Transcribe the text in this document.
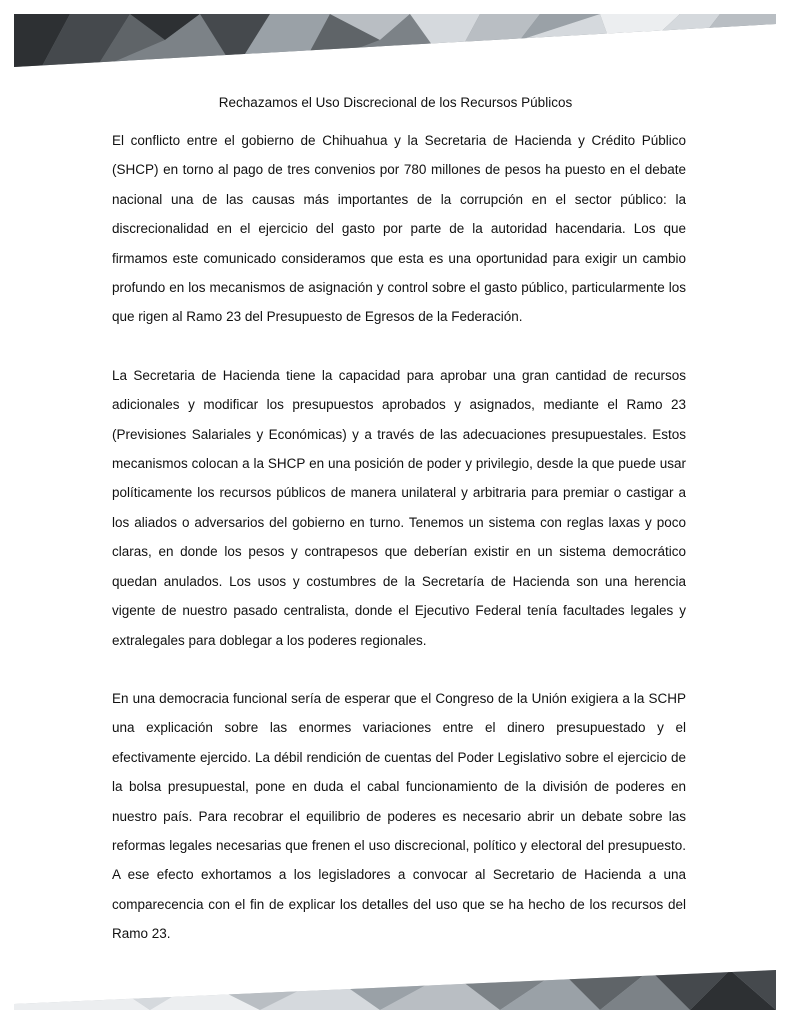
Rechazamos el Uso Discrecional de los Recursos Públicos

El conflicto entre el gobierno de Chihuahua y la Secretaria de Hacienda y Crédito Público (SHCP) en torno al pago de tres convenios por 780 millones de pesos ha puesto en el debate nacional una de las causas más importantes de la corrupción en el sector público: la discrecionalidad en el ejercicio del gasto por parte de la autoridad hacendaria. Los que firmamos este comunicado consideramos que esta es una oportunidad para exigir un cambio profundo en los mecanismos de asignación y control sobre el gasto público, particularmente los que rigen al Ramo 23 del Presupuesto de Egresos de la Federación.

La Secretaria de Hacienda tiene la capacidad para aprobar una gran cantidad de recursos adicionales y modificar los presupuestos aprobados y asignados, mediante el Ramo 23 (Previsiones Salariales y Económicas) y a través de las adecuaciones presupuestales. Estos mecanismos colocan a la SHCP en una posición de poder y privilegio, desde la que puede usar políticamente los recursos públicos de manera unilateral y arbitraria para premiar o castigar a los aliados o adversarios del gobierno en turno. Tenemos un sistema con reglas laxas y poco claras, en donde los pesos y contrapesos que deberían existir en un sistema democrático quedan anulados. Los usos y costumbres de la Secretaría de Hacienda son una herencia vigente de nuestro pasado centralista, donde el Ejecutivo Federal tenía facultades legales y extralegales para doblegar a los poderes regionales.

En una democracia funcional sería de esperar que el Congreso de la Unión exigiera a la SCHP una explicación sobre las enormes variaciones entre el dinero presupuestado y el efectivamente ejercido. La débil rendición de cuentas del Poder Legislativo sobre el ejercicio de la bolsa presupuestal, pone en duda el cabal funcionamiento de la división de poderes en nuestro país. Para recobrar el equilibrio de poderes es necesario abrir un debate sobre las reformas legales necesarias que frenen el uso discrecional, político y electoral del presupuesto. A ese efecto exhortamos a los legisladores a convocar al Secretario de Hacienda a una comparecencia con el fin de explicar los detalles del uso que se ha hecho de los recursos del Ramo 23.
